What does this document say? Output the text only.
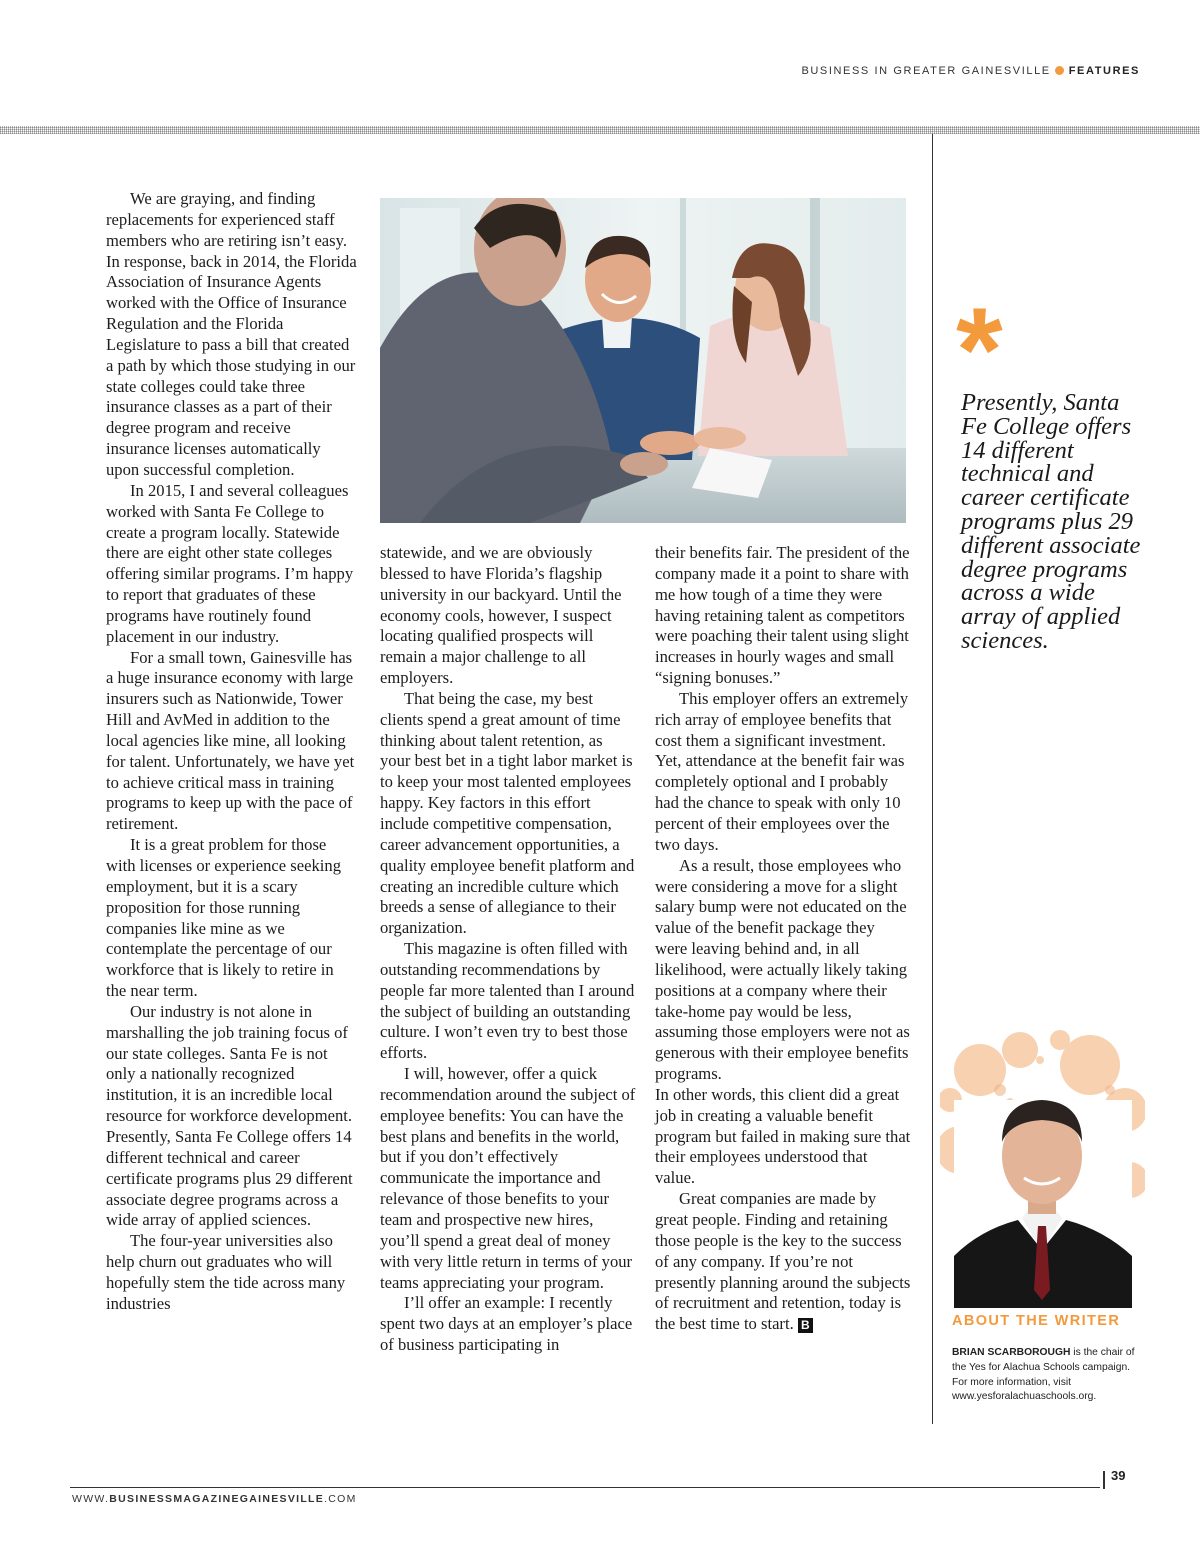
BUSINESS IN GREATER GAINESVILLE FEATURES

We are graying, and finding replacements for experienced staff members who are retiring isn’t easy. In response, back in 2014, the Florida Association of Insurance Agents worked with the Office of Insurance Regulation and the Florida Legislature to pass a bill that created a path by which those studying in our state colleges could take three insurance classes as a part of their degree program and receive insurance licenses automatically upon successful completion.

In 2015, I and several colleagues worked with Santa Fe College to create a program locally. Statewide there are eight other state colleges offering similar programs. I’m happy to report that graduates of these programs have routinely found placement in our industry.

For a small town, Gainesville has a huge insurance economy with large insurers such as Nationwide, Tower Hill and AvMed in addition to the local agencies like mine, all looking for talent. Unfortunately, we have yet to achieve critical mass in training programs to keep up with the pace of retirement.

It is a great problem for those with licenses or experience seeking employment, but it is a scary proposition for those running companies like mine as we contemplate the percentage of our workforce that is likely to retire in the near term.

Our industry is not alone in marshalling the job training focus of our state colleges. Santa Fe is not only a nationally recognized institution, it is an incredible local resource for workforce development. Presently, Santa Fe College offers 14 different technical and career certificate programs plus 29 different associate degree programs across a wide array of applied sciences.

The four-year universities also help churn out graduates who will hopefully stem the tide across many industries

statewide, and we are obviously blessed to have Florida’s flagship university in our backyard. Until the economy cools, however, I suspect locating qualified prospects will remain a major challenge to all employers.

That being the case, my best clients spend a great amount of time thinking about talent retention, as your best bet in a tight labor market is to keep your most talented employees happy. Key factors in this effort include competitive compensation, career advancement opportunities, a quality employee benefit platform and creating an incredible culture which breeds a sense of allegiance to their organization.

This magazine is often filled with outstanding recommendations by people far more talented than I around the subject of building an outstanding culture. I won’t even try to best those efforts.

I will, however, offer a quick recommendation around the subject of employee benefits: You can have the best plans and benefits in the world, but if you don’t effectively communicate the importance and relevance of those benefits to your team and prospective new hires, you’ll spend a great deal of money with very little return in terms of your teams appreciating your program.

I’ll offer an example: I recently spent two days at an employer’s place of business participating in

their benefits fair. The president of the company made it a point to share with me how tough of a time they were having retaining talent as competitors were poaching their talent using slight increases in hourly wages and small “signing bonuses.”

This employer offers an extremely rich array of employee benefits that cost them a significant investment. Yet, attendance at the benefit fair was completely optional and I probably had the chance to speak with only 10 percent of their employees over the two days.

As a result, those employees who were considering a move for a slight salary bump were not educated on the value of the benefit package they were leaving behind and, in all likelihood, were actually likely taking positions at a company where their take-home pay would be less, assuming those employers were not as generous with their employee benefits programs.

In other words, this client did a great job in creating a valuable benefit program but failed in making sure that their employees understood that value.

Great companies are made by great people. Finding and retaining those people is the key to the success of any company. If you’re not presently planning around the subjects of recruitment and retention, today is the best time to start. B

*
Presently, Santa Fe College offers 14 different technical and career certificate programs plus 29 different associate degree programs across a wide array of applied sciences.
ABOUT THE WRITER
BRIAN SCARBOROUGH is the chair of the Yes for Alachua Schools campaign. For more information, visit www.yesforalachuaschools.org.
39
WWW.BUSINESSMAGAZINEGAINESVILLE.COM
